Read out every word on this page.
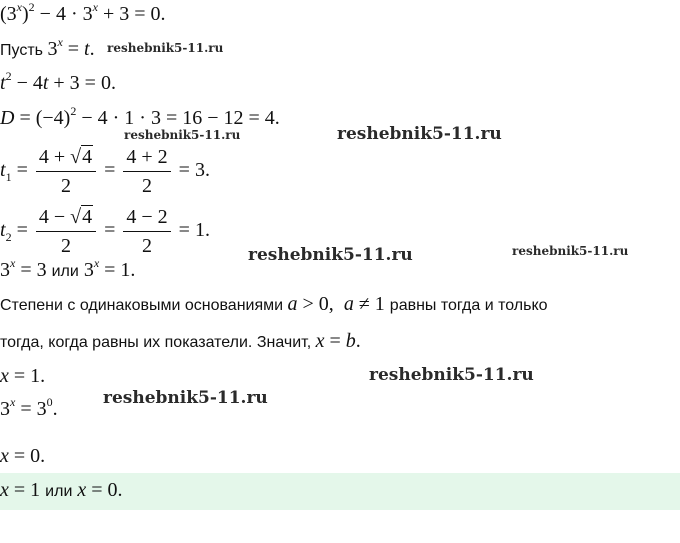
$(3^x)^2 - 4 \cdot 3^x + 3 = 0$.
Пусть $3^x = t$.
$t^2 - 4t + 3 = 0$.
$D = (-4)^2 - 4 \cdot 1 \cdot 3 = 16 - 12 = 4$.
$t_1 = \frac{4 + √4}{2} = \frac{4 + 2}{2} = 3$.
$t_2 = \frac{4 - √4}{2} = \frac{4 - 2}{2} = 1$.
$3^x = 3$ или $3^x = 1$.
Степени с одинаковыми основаниями a > 0,  a ≠ 1 равны тогда и только
тогда, когда равны их показатели. Значит, x = b.
x = 1.
$3^x = 3^0$.
x = 0.
x = 1 или x = 0.
reshebnik5-11.ru
reshebnik5-11.ru	reshebnik5-11.ru
reshebnik5-11.ru	reshebnik5-11.ru
reshebnik5-11.ru
reshebnik5-11.ru
